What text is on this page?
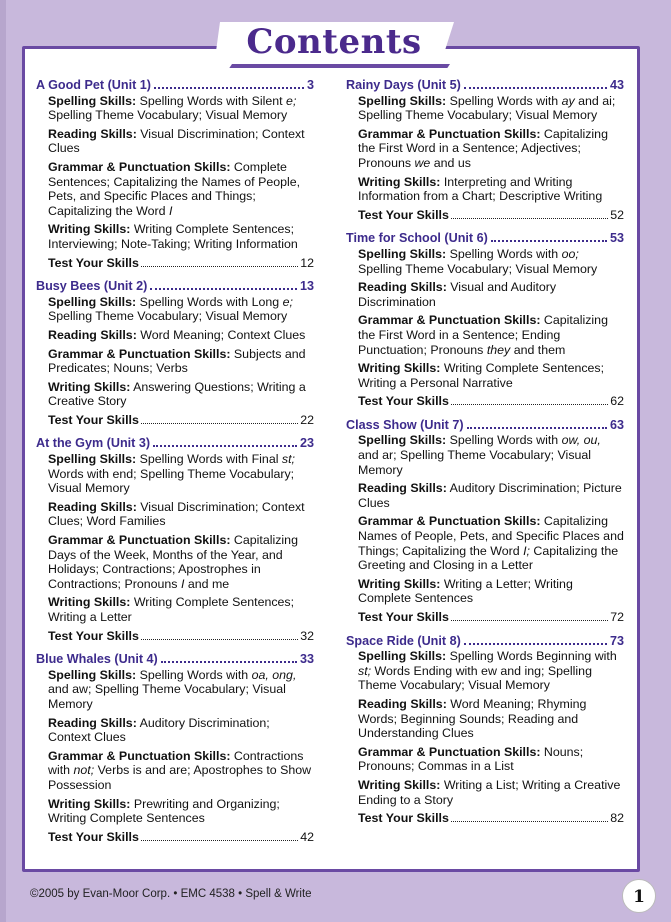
Contents
A Good Pet (Unit 1)	3
Spelling Skills: Spelling Words with Silent e; Spelling Theme Vocabulary; Visual Memory
Reading Skills: Visual Discrimination; Context Clues
Grammar & Punctuation Skills: Complete Sentences; Capitalizing the Names of People, Pets, and Specific Places and Things; Capitalizing the Word I
Writing Skills: Writing Complete Sentences; Interviewing; Note-Taking; Writing Information
Test Your Skills	12
Busy Bees (Unit 2)	13
Spelling Skills: Spelling Words with Long e; Spelling Theme Vocabulary; Visual Memory
Reading Skills: Word Meaning; Context Clues
Grammar & Punctuation Skills: Subjects and Predicates; Nouns; Verbs
Writing Skills: Answering Questions; Writing a Creative Story
Test Your Skills	22
At the Gym (Unit 3)	23
Spelling Skills: Spelling Words with Final st; Words with end; Spelling Theme Vocabulary; Visual Memory
Reading Skills: Visual Discrimination; Context Clues; Word Families
Grammar & Punctuation Skills: Capitalizing Days of the Week, Months of the Year, and Holidays; Contractions; Apostrophes in Contractions; Pronouns I and me
Writing Skills: Writing Complete Sentences; Writing a Letter
Test Your Skills	32
Blue Whales (Unit 4)	33
Spelling Skills: Spelling Words with oa, ong, and aw; Spelling Theme Vocabulary; Visual Memory
Reading Skills: Auditory Discrimination; Context Clues
Grammar & Punctuation Skills: Contractions with not; Verbs is and are; Apostrophes to Show Possession
Writing Skills: Prewriting and Organizing; Writing Complete Sentences
Test Your Skills	42
Rainy Days (Unit 5)	43
Spelling Skills: Spelling Words with ay and ai; Spelling Theme Vocabulary; Visual Memory
Grammar & Punctuation Skills: Capitalizing the First Word in a Sentence; Adjectives; Pronouns we and us
Writing Skills: Interpreting and Writing Information from a Chart; Descriptive Writing
Test Your Skills	52
Time for School (Unit 6)	53
Spelling Skills: Spelling Words with oo; Spelling Theme Vocabulary; Visual Memory
Reading Skills: Visual and Auditory Discrimination
Grammar & Punctuation Skills: Capitalizing the First Word in a Sentence; Ending Punctuation; Pronouns they and them
Writing Skills: Writing Complete Sentences; Writing a Personal Narrative
Test Your Skills	62
Class Show (Unit 7)	63
Spelling Skills: Spelling Words with ow, ou, and ar; Spelling Theme Vocabulary; Visual Memory
Reading Skills: Auditory Discrimination; Picture Clues
Grammar & Punctuation Skills: Capitalizing Names of People, Pets, and Specific Places and Things; Capitalizing the Word I; Capitalizing the Greeting and Closing in a Letter
Writing Skills: Writing a Letter; Writing Complete Sentences
Test Your Skills	72
Space Ride (Unit 8)	73
Spelling Skills: Spelling Words Beginning with st; Words Ending with ew and ing; Spelling Theme Vocabulary; Visual Memory
Reading Skills: Word Meaning; Rhyming Words; Beginning Sounds; Reading and Understanding Clues
Grammar & Punctuation Skills: Nouns; Pronouns; Commas in a List
Writing Skills: Writing a List; Writing a Creative Ending to a Story
Test Your Skills	82
©2005 by Evan-Moor Corp. • EMC 4538 • Spell & Write	1
